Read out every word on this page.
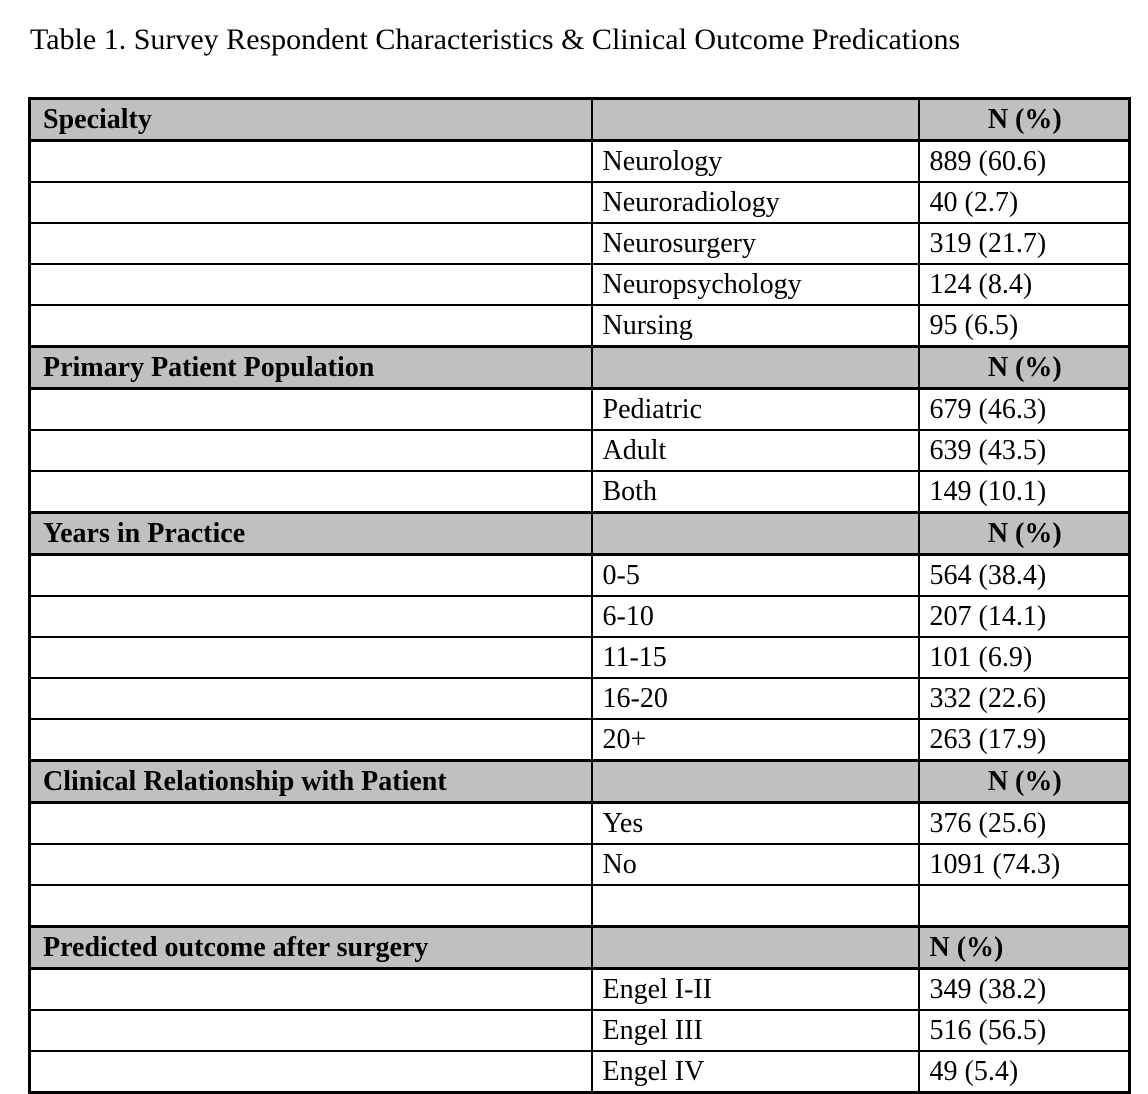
Table 1. Survey Respondent Characteristics & Clinical Outcome Predications
Specialty		N (%)
	Neurology	889 (60.6)
	Neuroradiology	40 (2.7)
	Neurosurgery	319 (21.7)
	Neuropsychology	124 (8.4)
	Nursing	95 (6.5)
Primary Patient Population		N (%)
	Pediatric	679 (46.3)
	Adult	639 (43.5)
	Both	149 (10.1)
Years in Practice		N (%)
	0-5	564 (38.4)
	6-10	207 (14.1)
	11-15	101 (6.9)
	16-20	332 (22.6)
	20+	263 (17.9)
Clinical Relationship with Patient		N (%)
	Yes	376 (25.6)
	No	1091 (74.3)

Predicted outcome after surgery		N (%)
	Engel I-II	349 (38.2)
	Engel III	516 (56.5)
	Engel IV	49 (5.4)
